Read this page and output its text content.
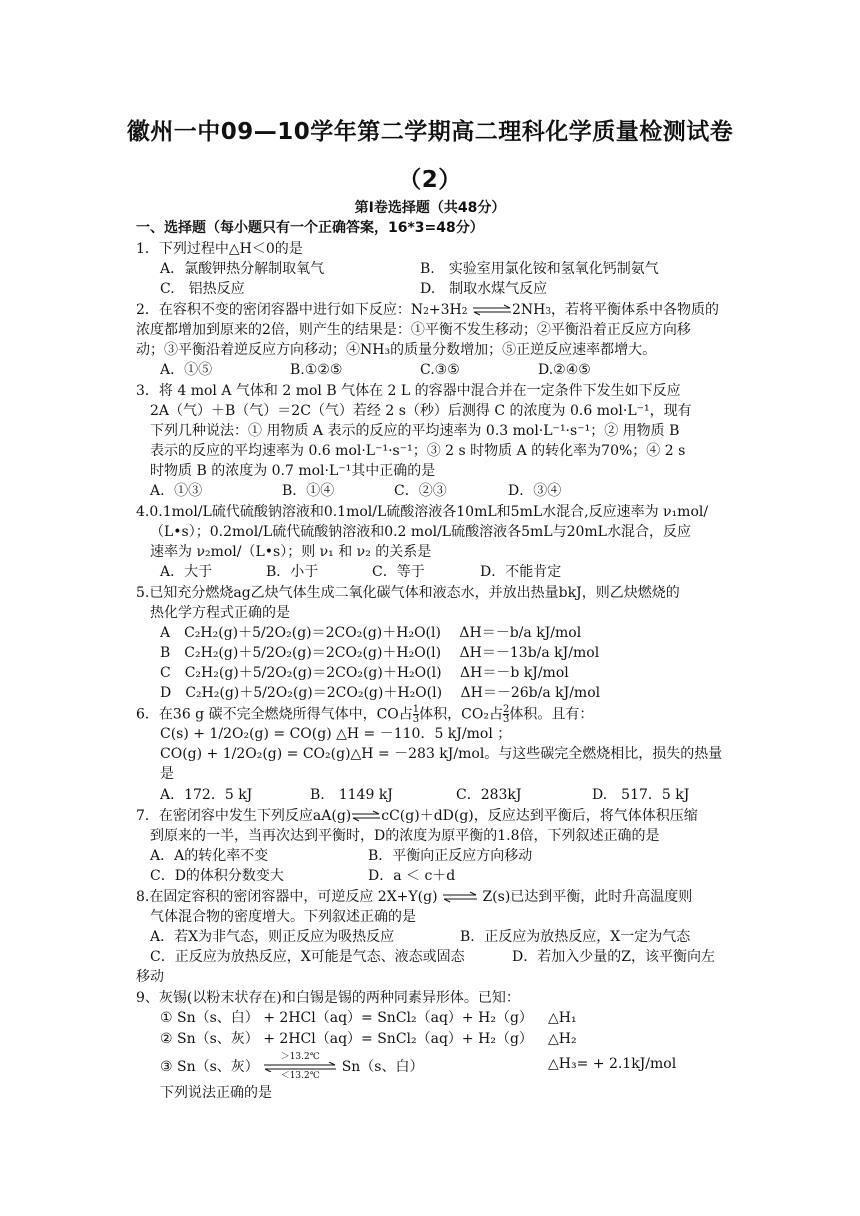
徽州一中09—10学年第二学期高二理科化学质量检测试卷
（2）
第Ⅰ卷选择题（共48分）
一、选择题（每小题只有一个正确答案，16*3=48分）
1．下列过程中△H＜0的是
A．氯酸钾热分解制取氧气	B.　实验室用氯化铵和氢氧化钙制氨气
C.　铝热反应	D.　制取水煤气反应
2．在容积不变的密闭容器中进行如下反应：N2+3H2 ⇌2NH3，若将平衡体系中各物质的
浓度都增加到原来的2倍，则产生的结果是：①平衡不发生移动；②平衡沿着正反应方向移
动；③平衡沿着逆反应方向移动；④NH₃的质量分数增加；⑤正逆反应速率都增大。
A．①⑤	B.①②⑤	C.③⑤	D.②④⑤
3．将 4 mol A 气体和 2 mol B 气体在 2 L 的容器中混合并在一定条件下发生如下反应
2A（气）＋B（气）＝2C（气）若经 2 s（秒）后测得 C 的浓度为 0.6 mol·L⁻¹，现有
下列几种说法：① 用物质 A 表示的反应的平均速率为 0.3 mol·L⁻¹·s⁻¹；② 用物质 B
表示的反应的平均速率为 0.6 mol·L⁻¹·s⁻¹；③ 2 s 时物质 A 的转化率为70%；④ 2 s
时物质 B 的浓度为 0.7 mol·L⁻¹其中正确的是
A．①③	B．①④	C．②③	D．③④
4.0.1mol/L硫代硫酸钠溶液和0.1mol/L硫酸溶液各10mL和5mL水混合,反应速率为 ν₁mol/
（L•s）；0.2mol/L硫代硫酸钠溶液和0.2 mol/L硫酸溶液各5mL与20mL水混合，反应
速率为 ν₂mol/（L•s）；则 ν₁ 和 ν₂ 的关系是
A．大于	B．小于	C．等于	D．不能肯定
5.已知充分燃烧ag乙炔气体生成二氧化碳气体和液态水，并放出热量bkJ，则乙炔燃烧的
热化学方程式正确的是
A　C₂H₂(g)＋5/2O₂(g)＝2CO₂(g)＋H₂O(l)　 ΔH＝－b/a kJ/mol
B　C₂H₂(g)＋5/2O₂(g)＝2CO₂(g)＋H₂O(l)　 ΔH＝－13b/a kJ/mol
C　C₂H₂(g)＋5/2O₂(g)＝2CO₂(g)＋H₂O(l)　 ΔH＝－b kJ/mol
D　C₂H₂(g)＋5/2O₂(g)＝2CO₂(g)＋H₂O(l)　 ΔH＝－26b/a kJ/mol
6．在36 g 碳不完全燃烧所得气体中，CO占 $\frac{1}{3}$ 体积，CO₂占 $\frac{2}{3}$ 体积。且有：
C(s) + 1/2O₂(g) = CO(g) △H = －110．5 kJ/mol ；
CO(g) + 1/2O₂(g) = CO₂(g)△H = －283 kJ/mol。与这些碳完全燃烧相比，损失的热量
是
A．172．5 kJ	B.　1149 kJ	C．283kJ	D.　517．5 kJ
7．在密闭容中发生下列反应aA(g)⇌cC(g)＋dD(g)，反应达到平衡后，将气体体积压缩
到原来的一半，当再次达到平衡时，D的浓度为原平衡的1.8倍，下列叙述正确的是
A．A的转化率不变	B．平衡向正反应方向移动
C．D的体积分数变大	D．a ＜ c＋d
8.在固定容积的密闭容器中，可逆反应 2X+Y(g) ⇌ Z(s)已达到平衡，此时升高温度则
气体混合物的密度增大。下列叙述正确的是
A．若X为非气态，则正反应为吸热反应	B．正反应为放热反应，X一定为气态
C．正反应为放热反应，X可能是气态、液态或固态	D．若加入少量的Z，该平衡向左
移动
9、灰锡(以粉末状存在)和白锡是锡的两种同素异形体。已知：
① Sn（s、白） + 2HCl（aq）= SnCl₂（aq）+ H₂（g） △H₁
② Sn（s、灰） + 2HCl（aq）= SnCl₂（aq）+ H₂（g） △H₂
③ Sn（s、灰）
＞13.2℃
＜13.2℃
Sn（s、白）	△H₃= + 2.1kJ/mol
下列说法正确的是
